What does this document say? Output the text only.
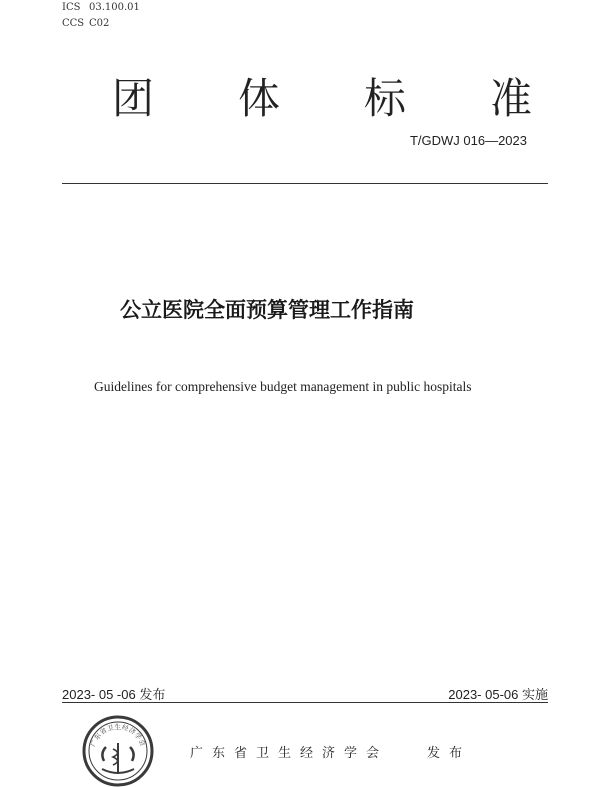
ICS 03.100.01
CCS C02
团 体 标 准
T/GDWJ 016—2023
公立医院全面预算管理工作指南
Guidelines for comprehensive budget management in public hospitals
2023- 05 -06 发布	2023- 05-06 实施
广东省卫生经济学会
广东省卫生经济学会	发布
